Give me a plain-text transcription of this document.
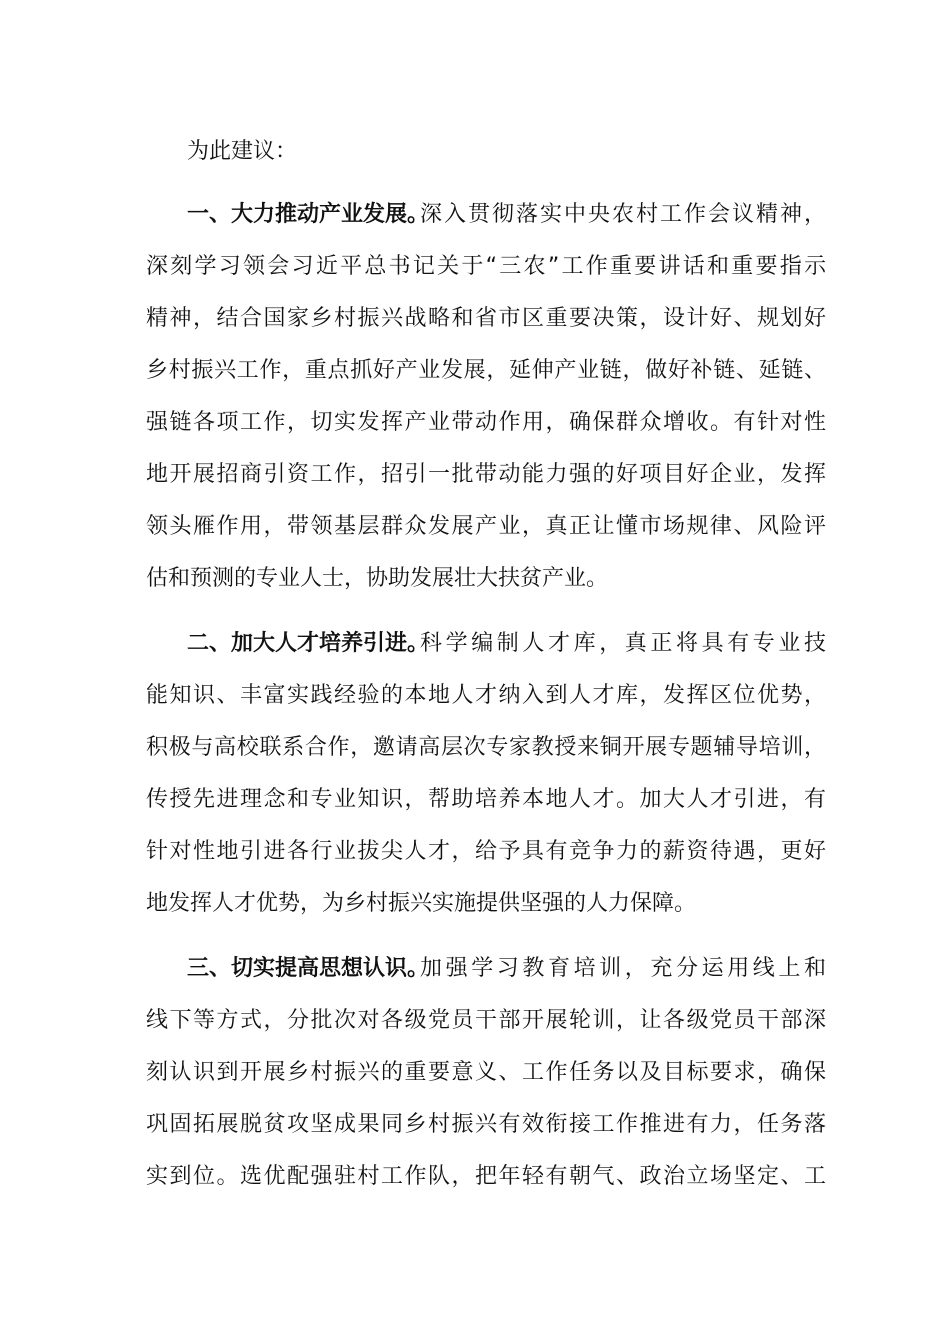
为此建议：

一、大力推动产业发展。

深入贯彻落实中央农村工作会议精神，

深刻学习领会习近平总书记关于“三农”工作重要讲话和重要指示

精神，结合国家乡村振兴战略和省市区重要决策，设计好、规划好

乡村振兴工作，重点抓好产业发展，延伸产业链，做好补链、延链、

强链各项工作，切实发挥产业带动作用，确保群众增收。有针对性

地开展招商引资工作，招引一批带动能力强的好项目好企业，发挥

领头雁作用，带领基层群众发展产业，真正让懂市场规律、风险评

估和预测的专业人士，协助发展壮大扶贫产业。

二、加大人才培养引进。

科学编制人才库，真正将具有专业技

能知识、丰富实践经验的本地人才纳入到人才库，发挥区位优势，

积极与高校联系合作，邀请高层次专家教授来铜开展专题辅导培训，

传授先进理念和专业知识，帮助培养本地人才。加大人才引进，有

针对性地引进各行业拔尖人才，给予具有竞争力的薪资待遇，更好

地发挥人才优势，为乡村振兴实施提供坚强的人力保障。

三、切实提高思想认识。

加强学习教育培训，充分运用线上和

线下等方式，分批次对各级党员干部开展轮训，让各级党员干部深

刻认识到开展乡村振兴的重要意义、工作任务以及目标要求，确保

巩固拓展脱贫攻坚成果同乡村振兴有效衔接工作推进有力，任务落

实到位。选优配强驻村工作队，把年轻有朝气、政治立场坚定、工
